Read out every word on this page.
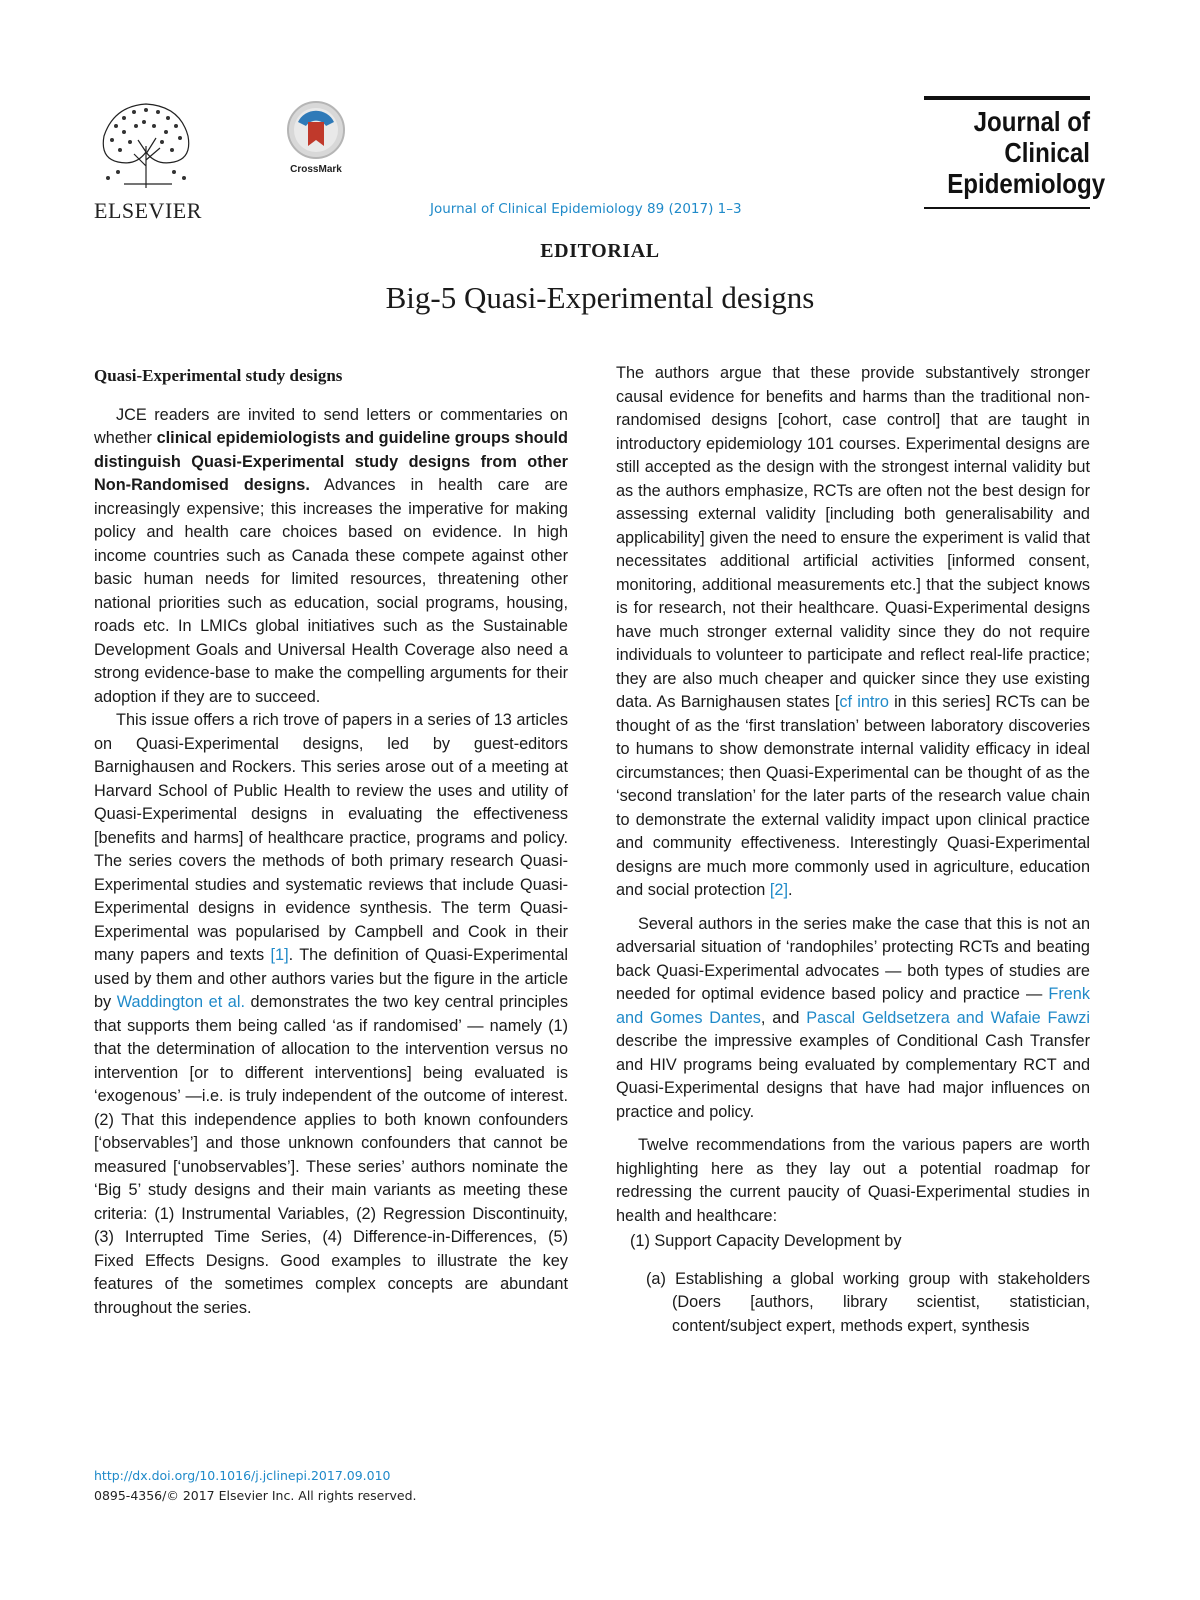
ELSEVIER
CrossMark
Journal of Clinical Epidemiology 89 (2017) 1–3
Journal of
Clinical
Epidemiology
EDITORIAL
Big-5 Quasi-Experimental designs
Quasi-Experimental study designs

JCE readers are invited to send letters or commentaries on whether clinical epidemiologists and guideline groups should distinguish Quasi-Experimental study designs from other Non-Randomised designs. Advances in health care are increasingly expensive; this increases the imperative for making policy and health care choices based on evidence. In high income countries such as Canada these compete against other basic human needs for limited resources, threatening other national priorities such as education, social programs, housing, roads etc. In LMICs global initiatives such as the Sustainable Development Goals and Universal Health Coverage also need a strong evidence-base to make the compelling arguments for their adoption if they are to succeed.

This issue offers a rich trove of papers in a series of 13 articles on Quasi-Experimental designs, led by guest-editors Barnighausen and Rockers. This series arose out of a meeting at Harvard School of Public Health to review the uses and utility of Quasi-Experimental designs in evaluating the effectiveness [benefits and harms] of healthcare practice, programs and policy. The series covers the methods of both primary research Quasi-Experimental studies and systematic reviews that include Quasi-Experimental designs in evidence synthesis. The term Quasi-Experimental was popularised by Campbell and Cook in their many papers and texts [1]. The definition of Quasi-Experimental used by them and other authors varies but the figure in the article by Waddington et al. demonstrates the two key central principles that supports them being called ‘as if randomised’ — namely (1) that the determination of allocation to the intervention versus no intervention [or to different interventions] being evaluated is ‘exogenous’ —i.e. is truly independent of the outcome of interest. (2) That this independence applies to both known confounders [‘observables’] and those unknown confounders that cannot be measured [‘unobservables’]. These series’ authors nominate the ‘Big 5’ study designs and their main variants as meeting these criteria: (1) Instrumental Variables, (2) Regression Discontinuity, (3) Interrupted Time Series, (4) Difference-in-Differences, (5) Fixed Effects Designs. Good examples to illustrate the key features of the sometimes complex concepts are abundant throughout the series.

The authors argue that these provide substantively stronger causal evidence for benefits and harms than the traditional non-randomised designs [cohort, case control] that are taught in introductory epidemiology 101 courses. Experimental designs are still accepted as the design with the strongest internal validity but as the authors emphasize, RCTs are often not the best design for assessing external validity [including both generalisability and applicability] given the need to ensure the experiment is valid that necessitates additional artificial activities [informed consent, monitoring, additional measurements etc.] that the subject knows is for research, not their healthcare. Quasi-Experimental designs have much stronger external validity since they do not require individuals to volunteer to participate and reflect real-life practice; they are also much cheaper and quicker since they use existing data. As Barnighausen states [cf intro in this series] RCTs can be thought of as the ‘first translation’ between laboratory discoveries to humans to show demonstrate internal validity efficacy in ideal circumstances; then Quasi-Experimental can be thought of as the ‘second translation’ for the later parts of the research value chain to demonstrate the external validity impact upon clinical practice and community effectiveness. Interestingly Quasi-Experimental designs are much more commonly used in agriculture, education and social protection [2].

Several authors in the series make the case that this is not an adversarial situation of ‘randophiles’ protecting RCTs and beating back Quasi-Experimental advocates — both types of studies are needed for optimal evidence based policy and practice — Frenk and Gomes Dantes, and Pascal Geldsetzera and Wafaie Fawzi describe the impressive examples of Conditional Cash Transfer and HIV programs being evaluated by complementary RCT and Quasi-Experimental designs that have had major influences on practice and policy.

Twelve recommendations from the various papers are worth highlighting here as they lay out a potential roadmap for redressing the current paucity of Quasi-Experimental studies in health and healthcare:

(1) Support Capacity Development by
(a) Establishing a global working group with stakeholders (Doers [authors, library scientist, statistician, content/subject expert, methods expert, synthesis
http://dx.doi.org/10.1016/j.jclinepi.2017.09.010
0895-4356/© 2017 Elsevier Inc. All rights reserved.
